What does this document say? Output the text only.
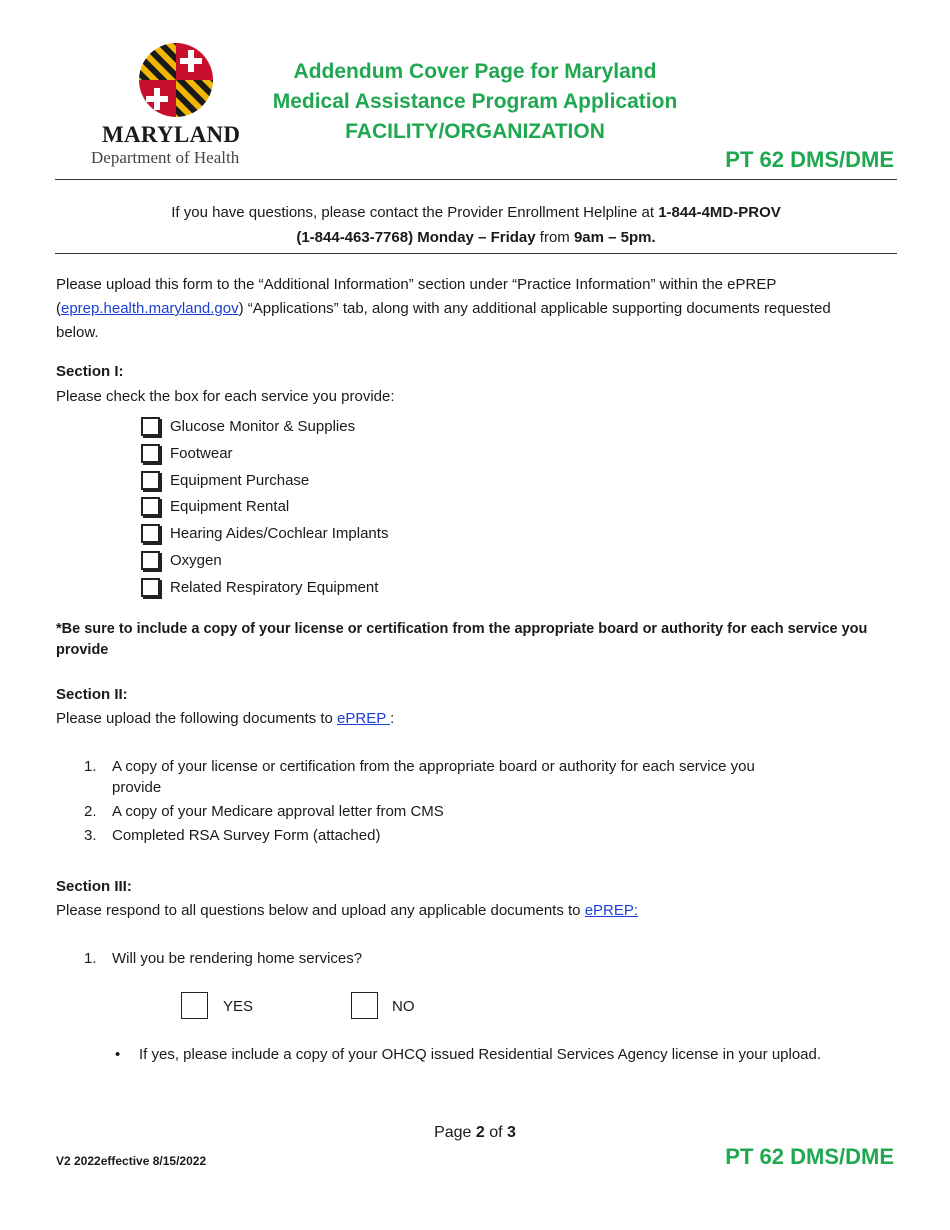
MARYLAND
Department of Health
Addendum Cover Page for Maryland
Medical Assistance Program Application
FACILITY/ORGANIZATION
PT 62 DMS/DME
If you have questions, please contact the Provider Enrollment Helpline at 1-844-4MD-PROV
(1-844-463-7768) Monday – Friday from 9am – 5pm.
Please upload this form to the “Additional Information” section under “Practice Information” within the ePREP
(eprep.health.maryland.gov) “Applications” tab, along with any additional applicable supporting documents requested
below.
Section I:
Please check the box for each service you provide:
Glucose Monitor & Supplies
Footwear
Equipment Purchase
Equipment Rental
Hearing Aides/Cochlear Implants
Oxygen
Related Respiratory Equipment
*Be sure to include a copy of your license or certification from the appropriate board or authority for each service you
provide
Section II:
Please upload the following documents to ePREP :
1.	A copy of your license or certification from the appropriate board or authority for each service you
provide
2.	A copy of your Medicare approval letter from CMS
3.	Completed RSA Survey Form (attached)
Section III:
Please respond to all questions below and upload any applicable documents to ePREP:
1.	Will you be rendering home services?
YES	NO
• If yes, please include a copy of your OHCQ issued Residential Services Agency license in your upload.
Page 2 of 3
V2 2022effective 8/15/2022	PT 62 DMS/DME
